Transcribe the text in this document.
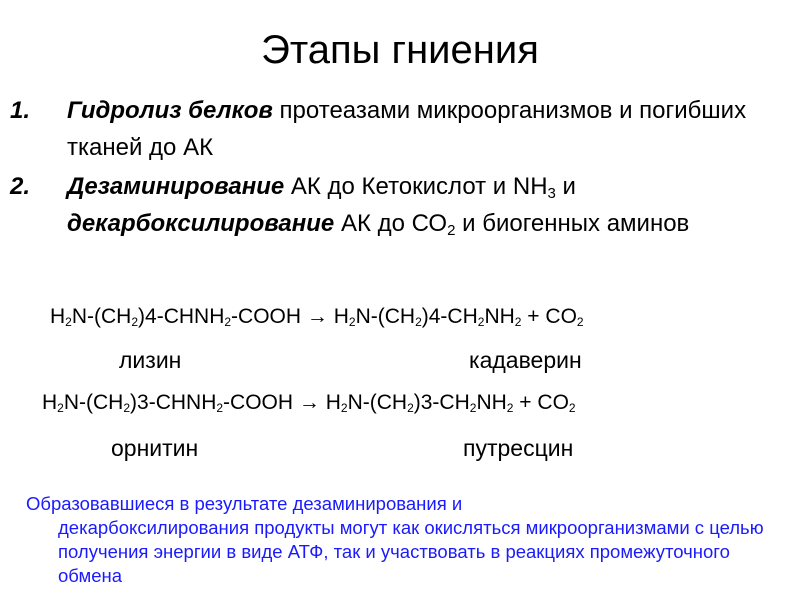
Этапы гниения
1. Гидролиз белков протеазами микроорганизмов и погибших тканей до АК
2. Дезаминирование АК до Кетокислот и $NH_3$ и декарбоксилирование АК до $СО_2$ и биогенных аминов
$H_2N-(CH_2)4-CHNH_2$-COOH → $H_2N-(CH_2)4-CH_2NH_2 + CO_2$
лизин	кадаверин
$H_2N-(CH_2)3-CHNH_2$-COOH → $H_2N-(CH_2)3-CH_2NH_2 + CO_2$
орнитин	путресцин
Образовавшиеся в результате дезаминирования и
декарбоксилирования продукты могут как окисляться микроорганизмами с целью получения энергии в виде АТФ, так и участвовать в реакциях промежуточного обмена
